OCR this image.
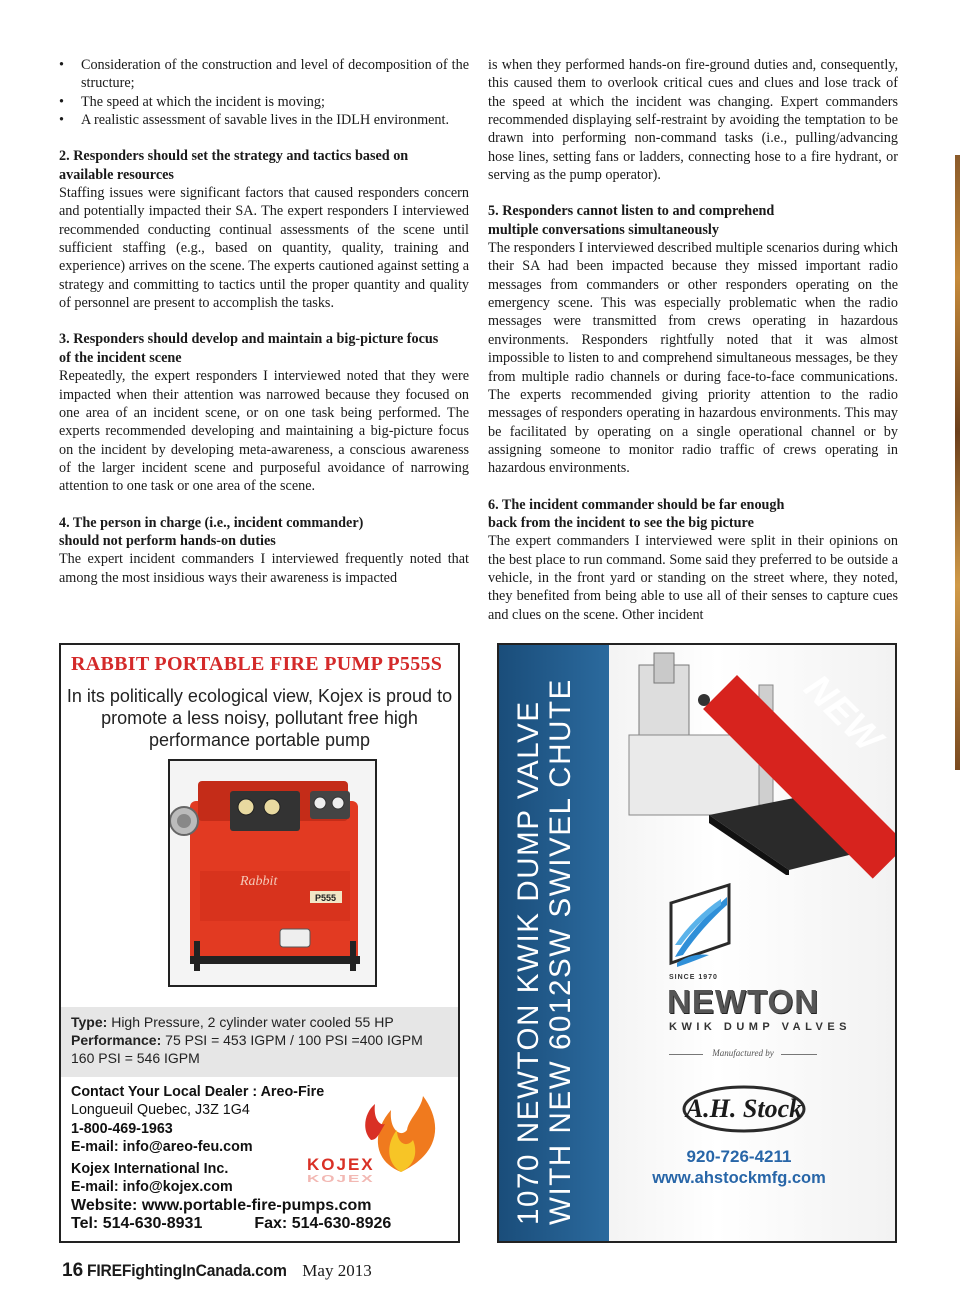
• Consideration of the construction and level of decomposition of the structure;
• The speed at which the incident is moving;
• A realistic assessment of savable lives in the IDLH environment.
2. Responders should set the strategy and tactics based on
available resources

Staffing issues were significant factors that caused responders concern and potentially impacted their SA. The expert responders I interviewed recommended conducting continual assessments of the scene until sufficient staffing (e.g., based on quantity, quality, training and experience) arrives on the scene. The experts cautioned against setting a strategy and committing to tactics until the proper quantity and quality of personnel are present to accomplish the tasks.

3. Responders should develop and maintain a big-picture focus
of the incident scene

Repeatedly, the expert responders I interviewed noted that they were impacted when their attention was narrowed because they focused on one area of an incident scene, or on one task being performed. The experts recommended developing and maintaining a big-picture focus on the incident by developing meta-awareness, a conscious awareness of the larger incident scene and purposeful avoidance of narrowing attention to one task or one area of the scene.

4. The person in charge (i.e., incident commander)
should not perform hands-on duties

The expert incident commanders I interviewed frequently noted that among the most insidious ways their awareness is impacted

is when they performed hands-on fire-ground duties and, consequently, this caused them to overlook critical cues and clues and lose track of the speed at which the incident was changing. Expert commanders recommended displaying self-restraint by avoiding the temptation to be drawn into performing non-command tasks (i.e., pulling/advancing hose lines, setting fans or ladders, connecting hose to a fire hydrant, or serving as the pump operator).

5. Responders cannot listen to and comprehend
multiple conversations simultaneously

The responders I interviewed described multiple scenarios during which their SA had been impacted because they missed important radio messages from commanders or other responders operating on the emergency scene. This was especially problematic when the radio messages were transmitted from crews operating in hazardous environments. Responders rightfully noted that it was almost impossible to listen to and comprehend simultaneous messages, be they from multiple radio channels or during face-to-face communications. The experts recommended giving priority attention to the radio messages of responders operating in hazardous environments. This may be facilitated by operating on a single operational channel or by assigning someone to monitor radio traffic of crews operating in hazardous environments.

6. The incident commander should be far enough
back from the incident to see the big picture

The expert commanders I interviewed were split in their opinions on the best place to run command. Some said they preferred to be outside a vehicle, in the front yard or standing on the street where, they noted, they benefited from being able to use all of their senses to capture cues and clues on the scene. Other incident

RABBIT PORTABLE FIRE PUMP P555S
In its politically ecological view, Kojex is proud to promote a less noisy, pollutant free high performance portable pump
Rabbit
P555
Type: High Pressure, 2 cylinder water cooled 55 HP
Performance: 75 PSI = 453 IGPM / 100 PSI =400 IGPM
160 PSI = 546 IGPM
Contact Your Local Dealer : Areo-Fire
Longueuil Quebec, J3Z 1G4
1-800-469-1963
E-mail: info@areo-feu.com
Kojex International Inc.
E-mail: info@kojex.com
Website: www.portable-fire-pumps.com
Tel: 514-630-8931	Fax: 514-630-8926
KOJEX
KOJEX	1070 NEWTON KWIK DUMP VALVE WITH NEW 6012SW SWIVEL CHUTE	NEW
SINCE 1970
NEWTON
KWIK DUMP VALVES
Manufactured by
A.H. Stock
920-726-4211
www.ahstockmfg.com
16 FIREFightingInCanada.com May 2013
